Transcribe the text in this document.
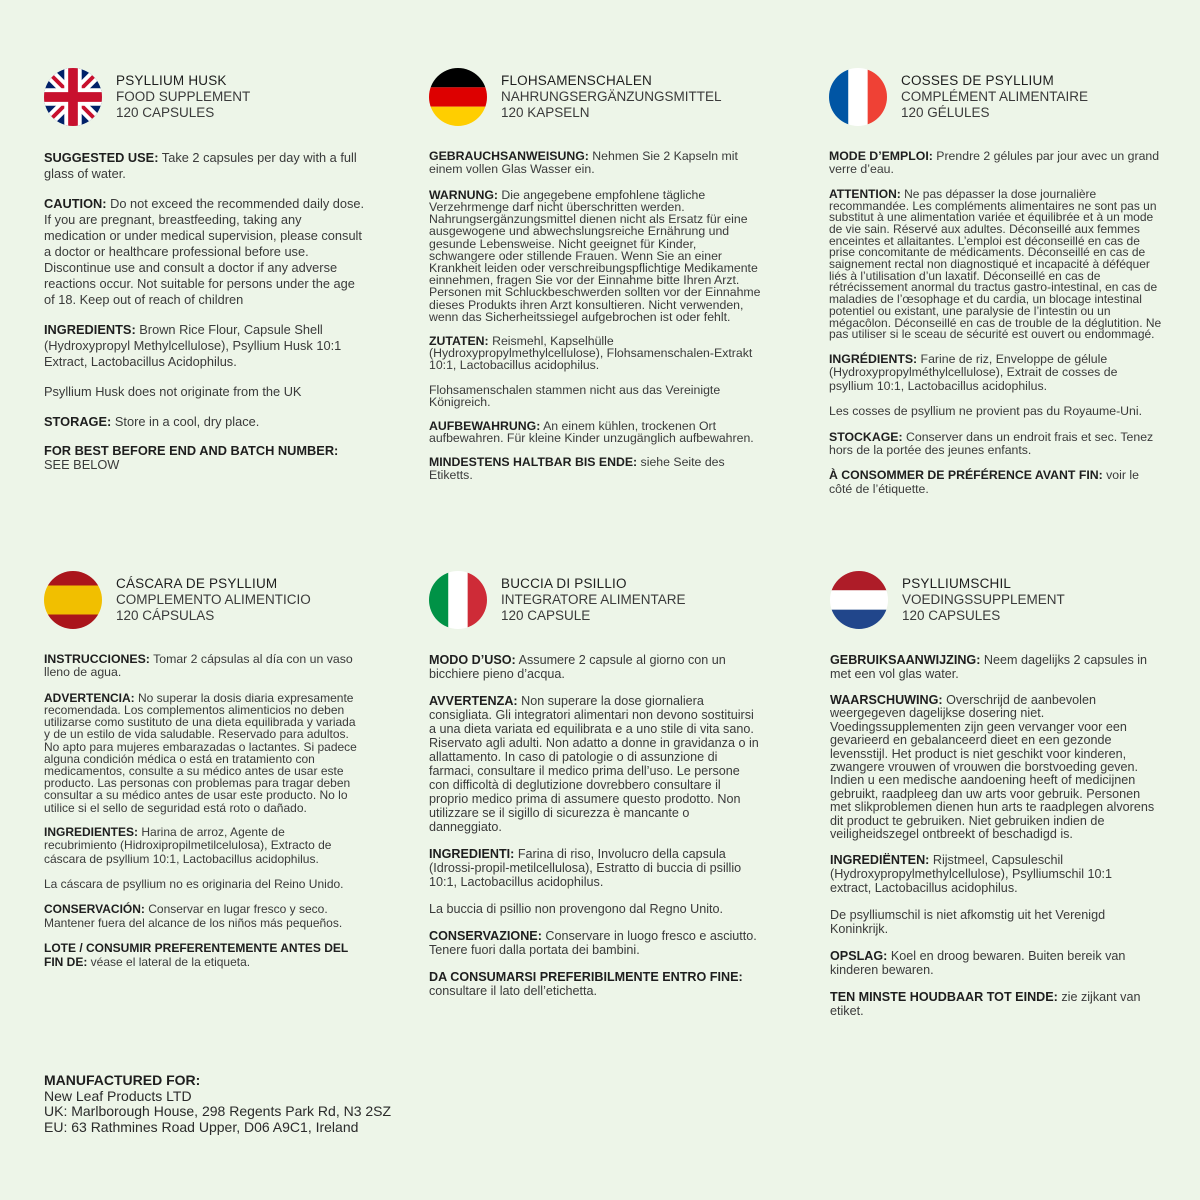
PSYLLIUM HUSK
FOOD SUPPLEMENT
120 CAPSULES

SUGGESTED USE: Take 2 capsules per day with a full glass of water.

CAUTION: Do not exceed the recommended daily dose. If you are pregnant, breastfeeding, taking any medication or under medical supervision, please consult a doctor or healthcare professional before use. Discontinue use and consult a doctor if any adverse reactions occur. Not suitable for persons under the age of 18. Keep out of reach of children

INGREDIENTS: Brown Rice Flour, Capsule Shell (Hydroxypropyl Methylcellulose), Psyllium Husk 10:1 Extract, Lactobacillus Acidophilus.

Psyllium Husk does not originate from the UK

STORAGE: Store in a cool, dry place.

FOR BEST BEFORE END AND BATCH NUMBER: SEE BELOW

FLOHSAMENSCHALEN
NAHRUNGSERGÄNZUNGSMITTEL
120 KAPSELN

GEBRAUCHSANWEISUNG: Nehmen Sie 2 Kapseln mit einem vollen Glas Wasser ein.

WARNUNG: Die angegebene empfohlene tägliche Verzehrmenge darf nicht überschritten werden. Nahrungsergänzungsmittel dienen nicht als Ersatz für eine ausgewogene und abwechslungsreiche Ernährung und gesunde Lebensweise. Nicht geeignet für Kinder, schwangere oder stillende Frauen. Wenn Sie an einer Krankheit leiden oder verschreibungspflichtige Medikamente einnehmen, fragen Sie vor der Einnahme bitte Ihren Arzt. Personen mit Schluckbeschwerden sollten vor der Einnahme dieses Produkts ihren Arzt konsultieren. Nicht verwenden, wenn das Sicherheitssiegel aufgebrochen ist oder fehlt.

ZUTATEN: Reismehl, Kapselhülle (Hydroxypropylmethylcellulose), Flohsamenschalen-Extrakt 10:1, Lactobacillus acidophilus.

Flohsamenschalen stammen nicht aus das Vereinigte Königreich.

AUFBEWAHRUNG: An einem kühlen, trockenen Ort aufbewahren. Für kleine Kinder unzugänglich aufbewahren.

MINDESTENS HALTBAR BIS ENDE: siehe Seite des Etiketts.

COSSES DE PSYLLIUM
COMPLÉMENT ALIMENTAIRE
120 GÉLULES

MODE D’EMPLOI: Prendre 2 gélules par jour avec un grand verre d’eau.

ATTENTION: Ne pas dépasser la dose journalière recommandée. Les compléments alimentaires ne sont pas un substitut à une alimentation variée et équilibrée et à un mode de vie sain. Réservé aux adultes. Déconseillé aux femmes enceintes et allaitantes. L’emploi est déconseillé en cas de prise concomitante de médicaments. Déconseillé en cas de saignement rectal non diagnostiqué et incapacité à déféquer liés à l’utilisation d’un laxatif. Déconseillé en cas de rétrécissement anormal du tractus gastro-intestinal, en cas de maladies de l’œsophage et du cardia, un blocage intestinal potentiel ou existant, une paralysie de l’intestin ou un mégacôlon. Déconseillé en cas de trouble de la déglutition. Ne pas utiliser si le sceau de sécurité est ouvert ou endommagé.

INGRÉDIENTS: Farine de riz, Enveloppe de gélule (Hydroxypropylméthylcellulose), Extrait de cosses de psyllium 10:1, Lactobacillus acidophilus.

Les cosses de psyllium ne provient pas du Royaume-Uni.

STOCKAGE: Conserver dans un endroit frais et sec. Tenez hors de la portée des jeunes enfants.

À CONSOMMER DE PRÉFÉRENCE AVANT FIN: voir le côté de l’étiquette.

CÁSCARA DE PSYLLIUM
COMPLEMENTO ALIMENTICIO
120 CÁPSULAS

INSTRUCCIONES: Tomar 2 cápsulas al día con un vaso lleno de agua.

ADVERTENCIA: No superar la dosis diaria expresamente recomendada. Los complementos alimenticios no deben utilizarse como sustituto de una dieta equilibrada y variada y de un estilo de vida saludable. Reservado para adultos. No apto para mujeres embarazadas o lactantes. Si padece alguna condición médica o está en tratamiento con medicamentos, consulte a su médico antes de usar este producto. Las personas con problemas para tragar deben consultar a su médico antes de usar este producto. No lo utilice si el sello de seguridad está roto o dañado.

INGREDIENTES: Harina de arroz, Agente de recubrimiento (Hidroxipropilmetilcelulosa), Extracto de cáscara de psyllium 10:1, Lactobacillus acidophilus.

La cáscara de psyllium no es originaria del Reino Unido.

CONSERVACIÓN: Conservar en lugar fresco y seco. Mantener fuera del alcance de los niños más pequeños.

LOTE / CONSUMIR PREFERENTEMENTE ANTES DEL FIN DE: véase el lateral de la etiqueta.

BUCCIA DI PSILLIO
INTEGRATORE ALIMENTARE
120 CAPSULE

MODO D’USO: Assumere 2 capsule al giorno con un bicchiere pieno d’acqua.

AVVERTENZA: Non superare la dose giornaliera consigliata. Gli integratori alimentari non devono sostituirsi a una dieta variata ed equilibrata e a uno stile di vita sano. Riservato agli adulti. Non adatto a donne in gravidanza o in allattamento. In caso di patologie o di assunzione di farmaci, consultare il medico prima dell’uso. Le persone con difficoltà di deglutizione dovrebbero consultare il proprio medico prima di assumere questo prodotto. Non utilizzare se il sigillo di sicurezza è mancante o danneggiato.

INGREDIENTI: Farina di riso, Involucro della capsula (Idrossi-propil-metilcellulosa), Estratto di buccia di psillio 10:1, Lactobacillus acidophilus.

La buccia di psillio non provengono dal Regno Unito.

CONSERVAZIONE: Conservare in luogo fresco e asciutto. Tenere fuori dalla portata dei bambini.

DA CONSUMARSI PREFERIBILMENTE ENTRO FINE: consultare il lato dell’etichetta.

PSYLLIUMSCHIL
VOEDINGSSUPPLEMENT
120 CAPSULES

GEBRUIKSAANWIJZING: Neem dagelijks 2 capsules in met een vol glas water.

WAARSCHUWING: Overschrijd de aanbevolen weergegeven dagelijkse dosering niet. Voedingssupplementen zijn geen vervanger voor een gevarieerd en gebalanceerd dieet en een gezonde levensstijl. Het product is niet geschikt voor kinderen, zwangere vrouwen of vrouwen die borstvoeding geven. Indien u een medische aandoening heeft of medicijnen gebruikt, raadpleeg dan uw arts voor gebruik. Personen met slikproblemen dienen hun arts te raadplegen alvorens dit product te gebruiken. Niet gebruiken indien de veiligheidszegel ontbreekt of beschadigd is.

INGREDIËNTEN: Rijstmeel, Capsuleschil (Hydroxypropylmethylcellulose), Psylliumschil 10:1 extract, Lactobacillus acidophilus.

De psylliumschil is niet afkomstig uit het Verenigd Koninkrijk.

OPSLAG: Koel en droog bewaren. Buiten bereik van kinderen bewaren.

TEN MINSTE HOUDBAAR TOT EINDE: zie zijkant van etiket.

MANUFACTURED FOR:
New Leaf Products LTD
UK: Marlborough House, 298 Regents Park Rd, N3 2SZ
EU: 63 Rathmines Road Upper, D06 A9C1, Ireland
